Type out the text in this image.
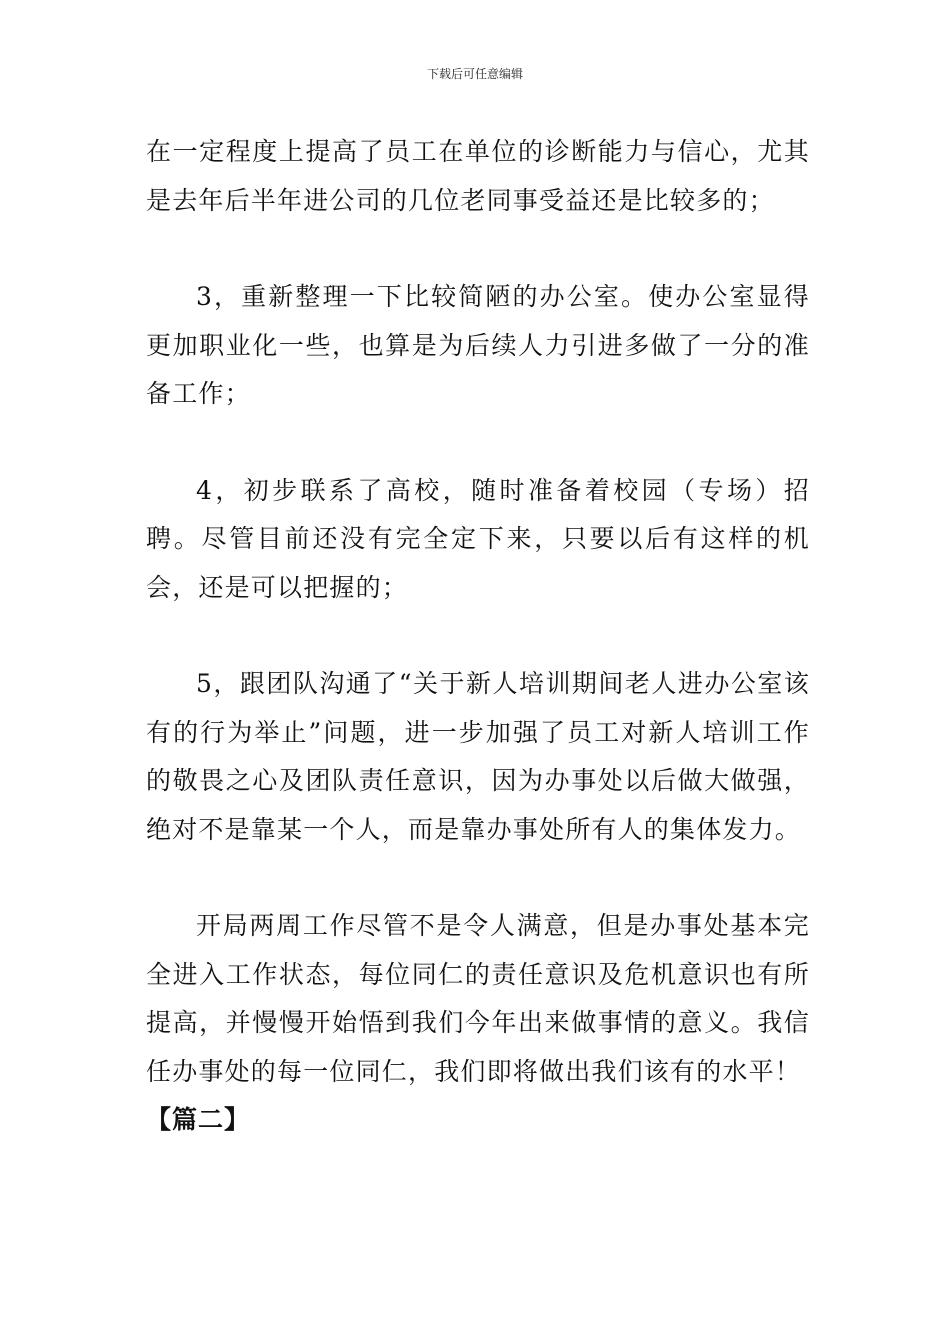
下载后可任意编辑

在一定程度上提高了员工在单位的诊断能力与信心，尤其是去年后半年进公司的几位老同事受益还是比较多的；

3，重新整理一下比较简陋的办公室。使办公室显得更加职业化一些，也算是为后续人力引进多做了一分的准备工作；

4，初步联系了高校，随时准备着校园（专场）招聘。尽管目前还没有完全定下来，只要以后有这样的机会，还是可以把握的；

5，跟团队沟通了“关于新人培训期间老人进办公室该有的行为举止”问题，进一步加强了员工对新人培训工作的敬畏之心及团队责任意识，因为办事处以后做大做强，绝对不是靠某一个人，而是靠办事处所有人的集体发力。

开局两周工作尽管不是令人满意，但是办事处基本完全进入工作状态，每位同仁的责任意识及危机意识也有所提高，并慢慢开始悟到我们今年出来做事情的意义。我信任办事处的每一位同仁，我们即将做出我们该有的水平！

【篇二】
